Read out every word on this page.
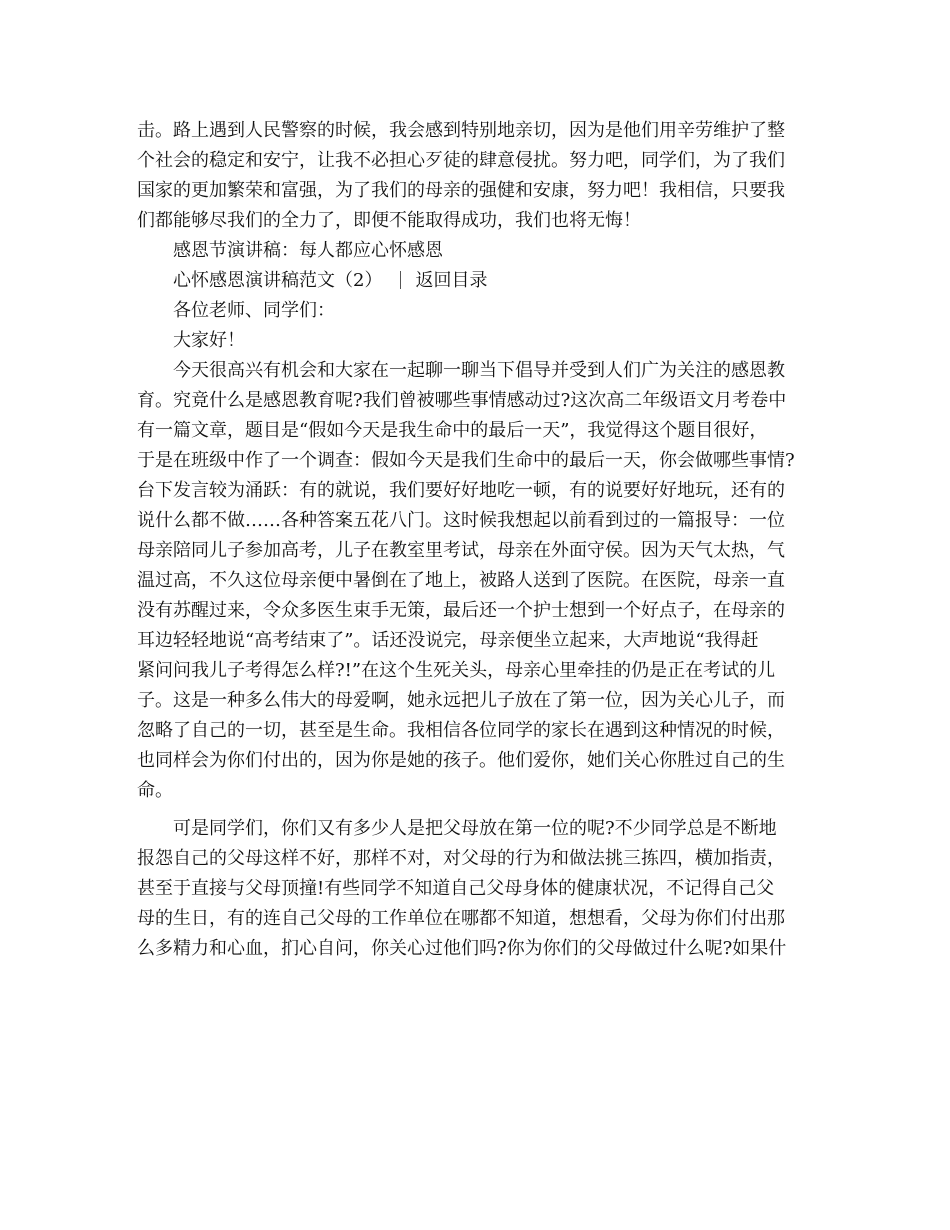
击。路上遇到人民警察的时候，我会感到特别地亲切，因为是他们用辛劳维护了整
个社会的稳定和安宁，让我不必担心歹徒的肆意侵扰。努力吧，同学们，为了我们
国家的更加繁荣和富强，为了我们的母亲的强健和安康，努力吧！我相信，只要我
们都能够尽我们的全力了，即便不能取得成功，我们也将无悔！
感恩节演讲稿：每人都应心怀感恩
心怀感恩演讲稿范文（2） 返回目录
各位老师、同学们：
大家好！
今天很高兴有机会和大家在一起聊一聊当下倡导并受到人们广为关注的感恩教
育。究竟什么是感恩教育呢?我们曾被哪些事情感动过?这次高二年级语文月考卷中
有一篇文章，题目是“假如今天是我生命中的最后一天”，我觉得这个题目很好，
于是在班级中作了一个调查：假如今天是我们生命中的最后一天，你会做哪些事情?
台下发言较为涌跃：有的就说，我们要好好地吃一顿，有的说要好好地玩，还有的
说什么都不做……各种答案五花八门。这时候我想起以前看到过的一篇报导：一位
母亲陪同儿子参加高考，儿子在教室里考试，母亲在外面守侯。因为天气太热，气
温过高，不久这位母亲便中暑倒在了地上，被路人送到了医院。在医院，母亲一直
没有苏醒过来，令众多医生束手无策，最后还一个护士想到一个好点子，在母亲的
耳边轻轻地说“高考结束了”。话还没说完，母亲便坐立起来，大声地说“我得赶
紧问问我儿子考得怎么样?!”在这个生死关头，母亲心里牵挂的仍是正在考试的儿
子。这是一种多么伟大的母爱啊，她永远把儿子放在了第一位，因为关心儿子，而
忽略了自己的一切，甚至是生命。我相信各位同学的家长在遇到这种情况的时候，
也同样会为你们付出的，因为你是她的孩子。他们爱你，她们关心你胜过自己的生
命。
可是同学们，你们又有多少人是把父母放在第一位的呢?不少同学总是不断地
报怨自己的父母这样不好，那样不对，对父母的行为和做法挑三拣四，横加指责，
甚至于直接与父母顶撞!有些同学不知道自己父母身体的健康状况，不记得自己父
母的生日，有的连自己父母的工作单位在哪都不知道，想想看，父母为你们付出那
么多精力和心血，扪心自问，你关心过他们吗?你为你们的父母做过什么呢?如果什
